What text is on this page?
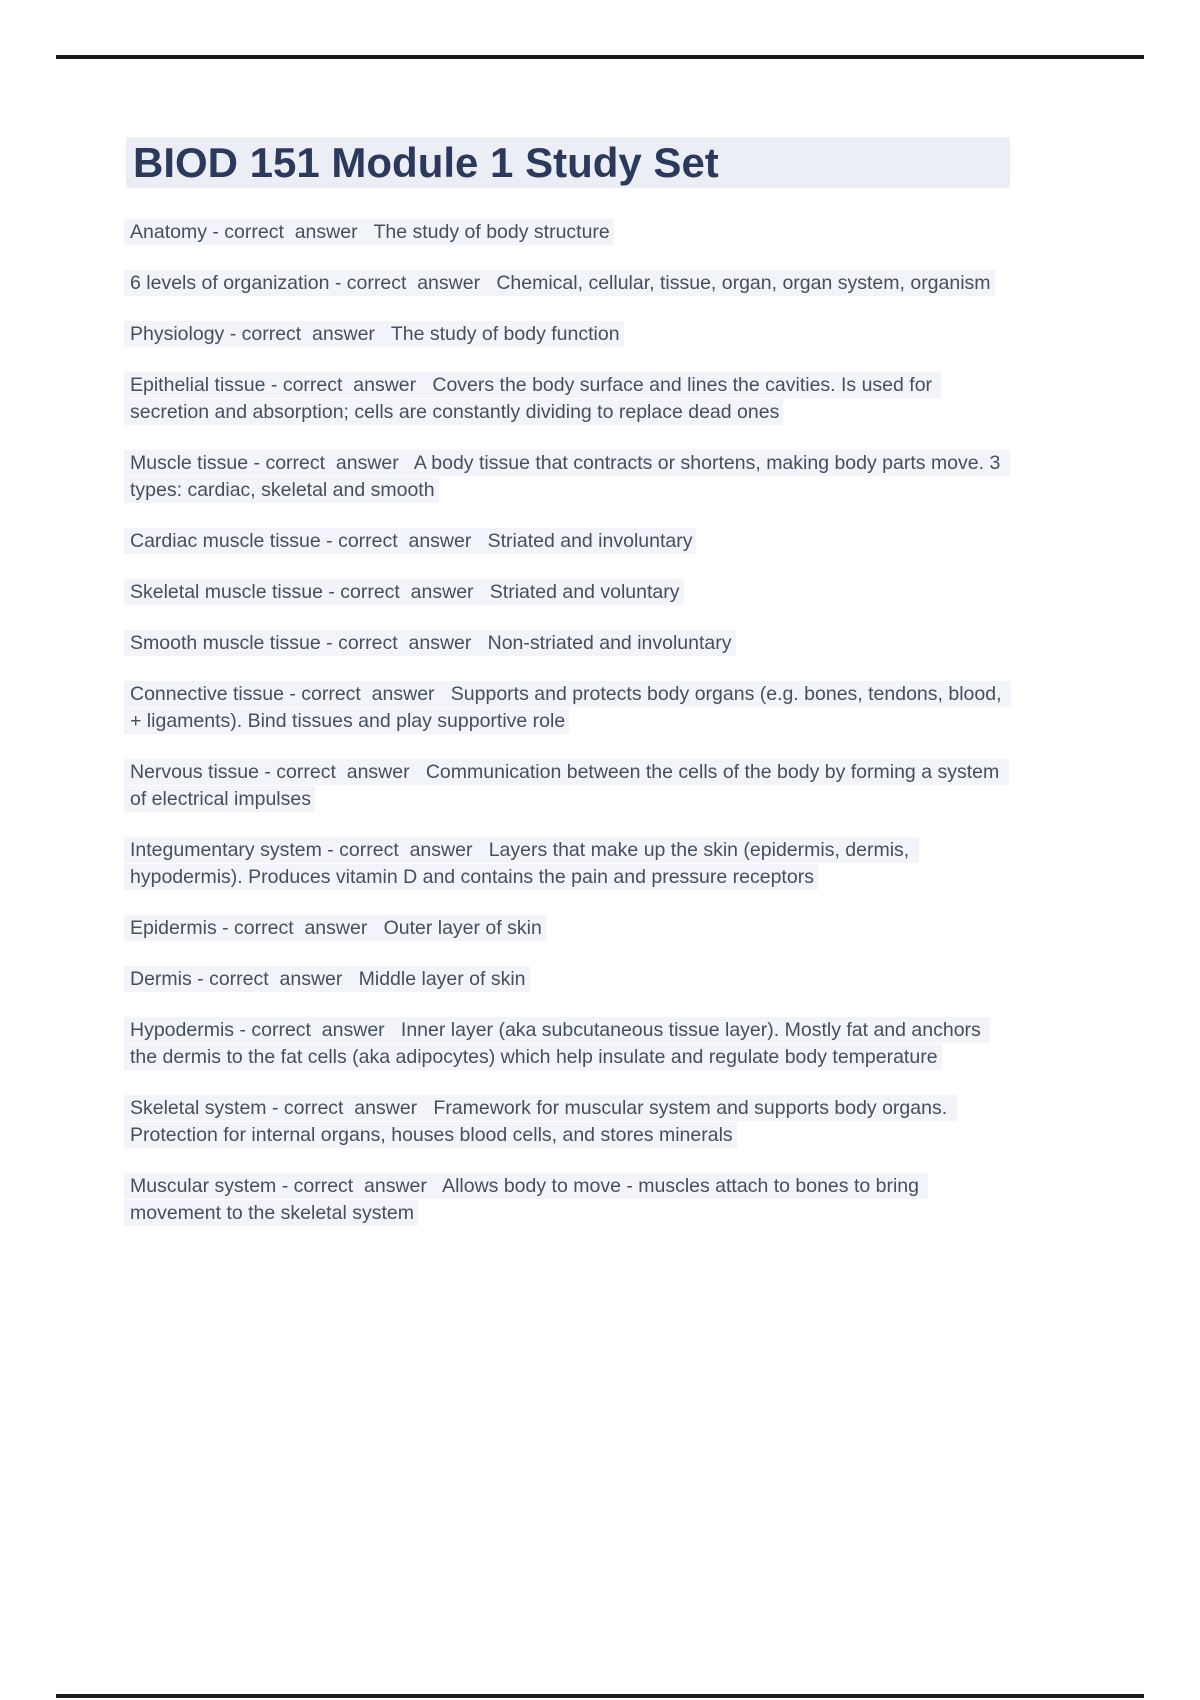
BIOD 151 Module 1 Study Set

Anatomy - correct  answer   The study of body structure

6 levels of organization - correct  answer   Chemical, cellular, tissue, organ, organ system, organism

Physiology - correct  answer   The study of body function

Epithelial tissue - correct  answer   Covers the body surface and lines the cavities. Is used for secretion and absorption; cells are constantly dividing to replace dead ones

Muscle tissue - correct  answer   A body tissue that contracts or shortens, making body parts move. 3 types: cardiac, skeletal and smooth

Cardiac muscle tissue - correct  answer   Striated and involuntary

Skeletal muscle tissue - correct  answer   Striated and voluntary

Smooth muscle tissue - correct  answer   Non-striated and involuntary

Connective tissue - correct  answer   Supports and protects body organs (e.g. bones, tendons, blood, + ligaments). Bind tissues and play supportive role

Nervous tissue - correct  answer   Communication between the cells of the body by forming a system of electrical impulses

Integumentary system - correct  answer   Layers that make up the skin (epidermis, dermis, hypodermis). Produces vitamin D and contains the pain and pressure receptors

Epidermis - correct  answer   Outer layer of skin

Dermis - correct  answer   Middle layer of skin

Hypodermis - correct  answer   Inner layer (aka subcutaneous tissue layer). Mostly fat and anchors the dermis to the fat cells (aka adipocytes) which help insulate and regulate body temperature

Skeletal system - correct  answer   Framework for muscular system and supports body organs. Protection for internal organs, houses blood cells, and stores minerals

Muscular system - correct  answer   Allows body to move - muscles attach to bones to bring movement to the skeletal system
